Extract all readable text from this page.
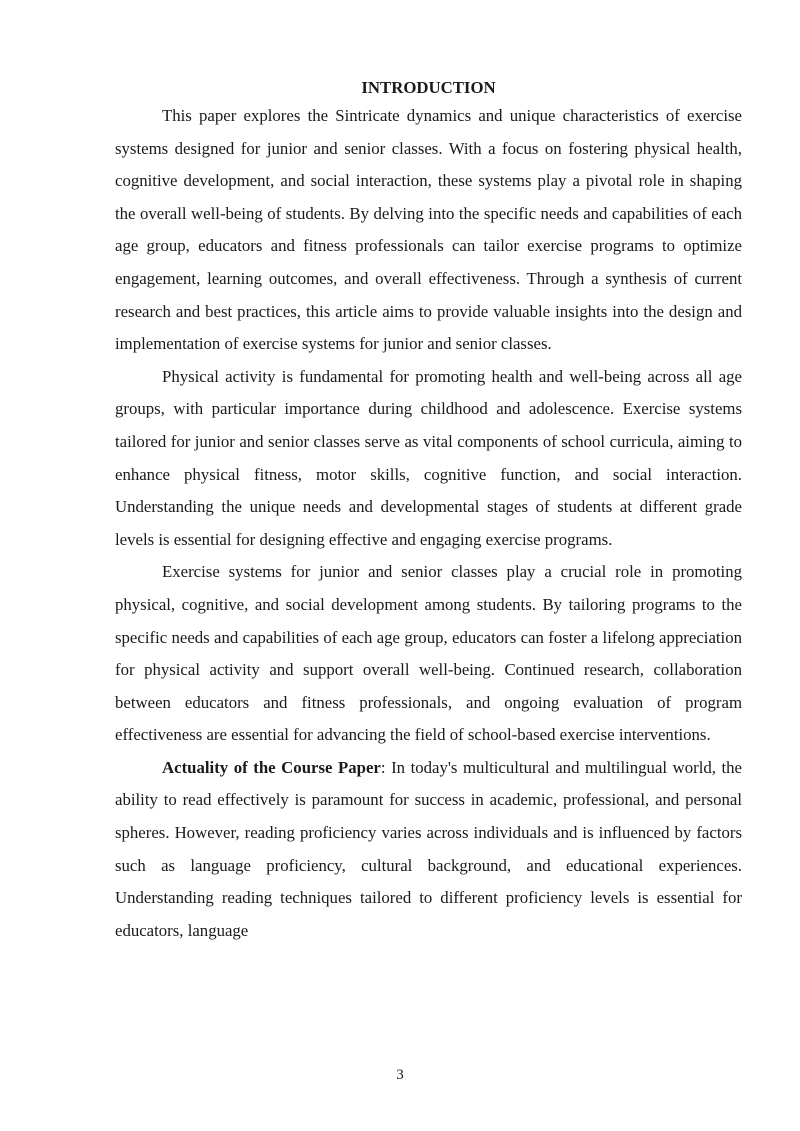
INTRODUCTION

This paper explores the Sintricate dynamics and unique characteristics of exercise systems designed for junior and senior classes. With a focus on fostering physical health, cognitive development, and social interaction, these systems play a pivotal role in shaping the overall well-being of students. By delving into the specific needs and capabilities of each age group, educators and fitness professionals can tailor exercise programs to optimize engagement, learning outcomes, and overall effectiveness. Through a synthesis of current research and best practices, this article aims to provide valuable insights into the design and implementation of exercise systems for junior and senior classes.

Physical activity is fundamental for promoting health and well-being across all age groups, with particular importance during childhood and adolescence. Exercise systems tailored for junior and senior classes serve as vital components of school curricula, aiming to enhance physical fitness, motor skills, cognitive function, and social interaction. Understanding the unique needs and developmental stages of students at different grade levels is essential for designing effective and engaging exercise programs.

Exercise systems for junior and senior classes play a crucial role in promoting physical, cognitive, and social development among students. By tailoring programs to the specific needs and capabilities of each age group, educators can foster a lifelong appreciation for physical activity and support overall well-being. Continued research, collaboration between educators and fitness professionals, and ongoing evaluation of program effectiveness are essential for advancing the field of school-based exercise interventions.

Actuality of the Course Paper: In today's multicultural and multilingual world, the ability to read effectively is paramount for success in academic, professional, and personal spheres. However, reading proficiency varies across individuals and is influenced by factors such as language proficiency, cultural background, and educational experiences. Understanding reading techniques tailored to different proficiency levels is essential for educators, language

3
